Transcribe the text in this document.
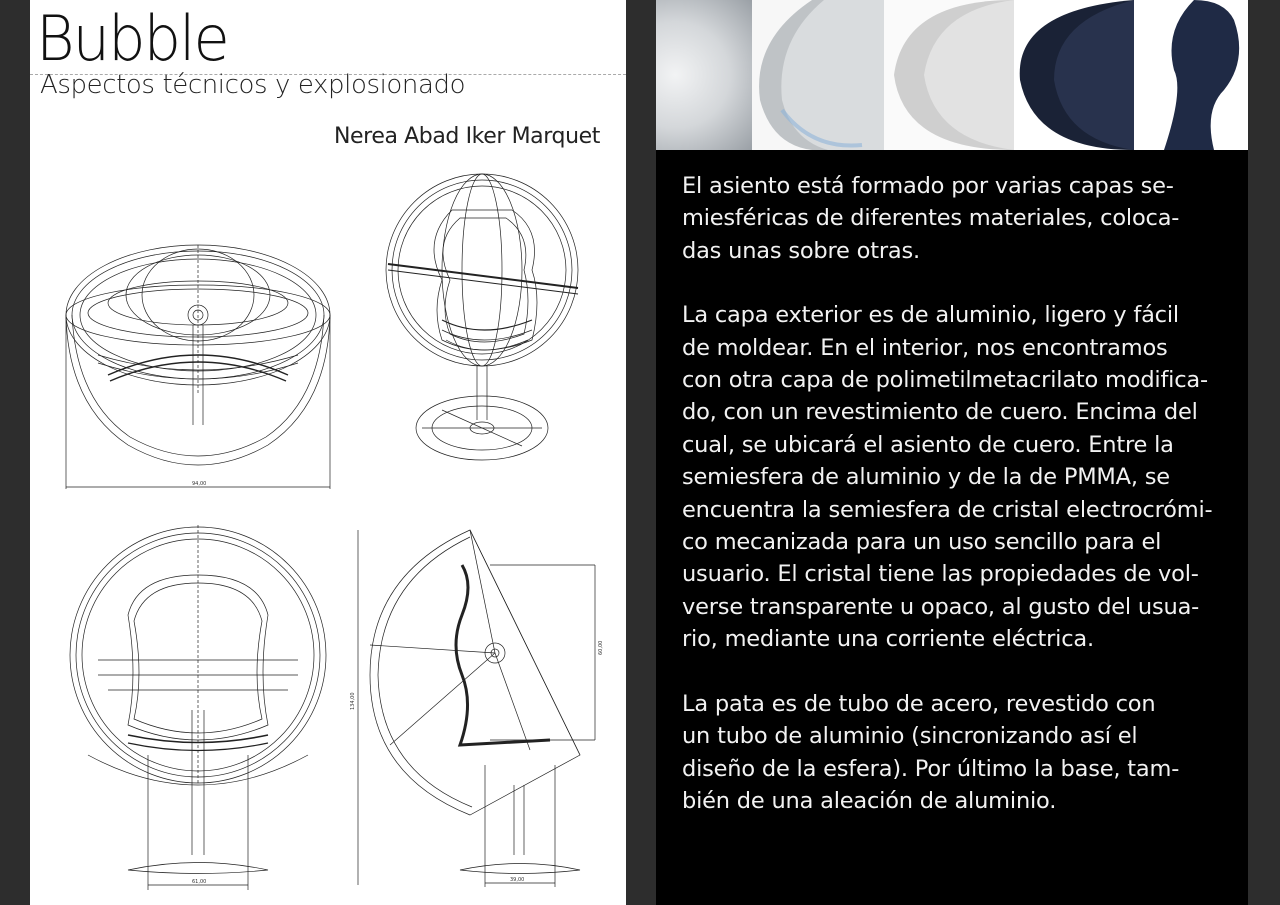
Bubble
Aspectos técnicos y explosionado
Nerea Abad Iker Marquet
94,00
61,00
134,00
60,00
39,00

El asiento está formado por varias capas se-
miesféricas de diferentes materiales, coloca-
das unas sobre otras.

La capa exterior es de aluminio, ligero y fácil
de moldear. En el interior, nos encontramos
con otra capa de polimetilmetacrilato modifica-
do, con un revestimiento de cuero. Encima del
cual, se ubicará el asiento de cuero. Entre la
semiesfera de aluminio y de la de PMMA, se
encuentra la semiesfera de cristal electrocrómi-
co mecanizada para un uso sencillo para el
usuario. El cristal tiene las propiedades de vol-
verse transparente u opaco, al gusto del usua-
rio, mediante una corriente eléctrica.

La pata es de tubo de acero, revestido con
un tubo de aluminio (sincronizando así el
diseño de la esfera). Por último la base, tam-
bién de una aleación de aluminio.
